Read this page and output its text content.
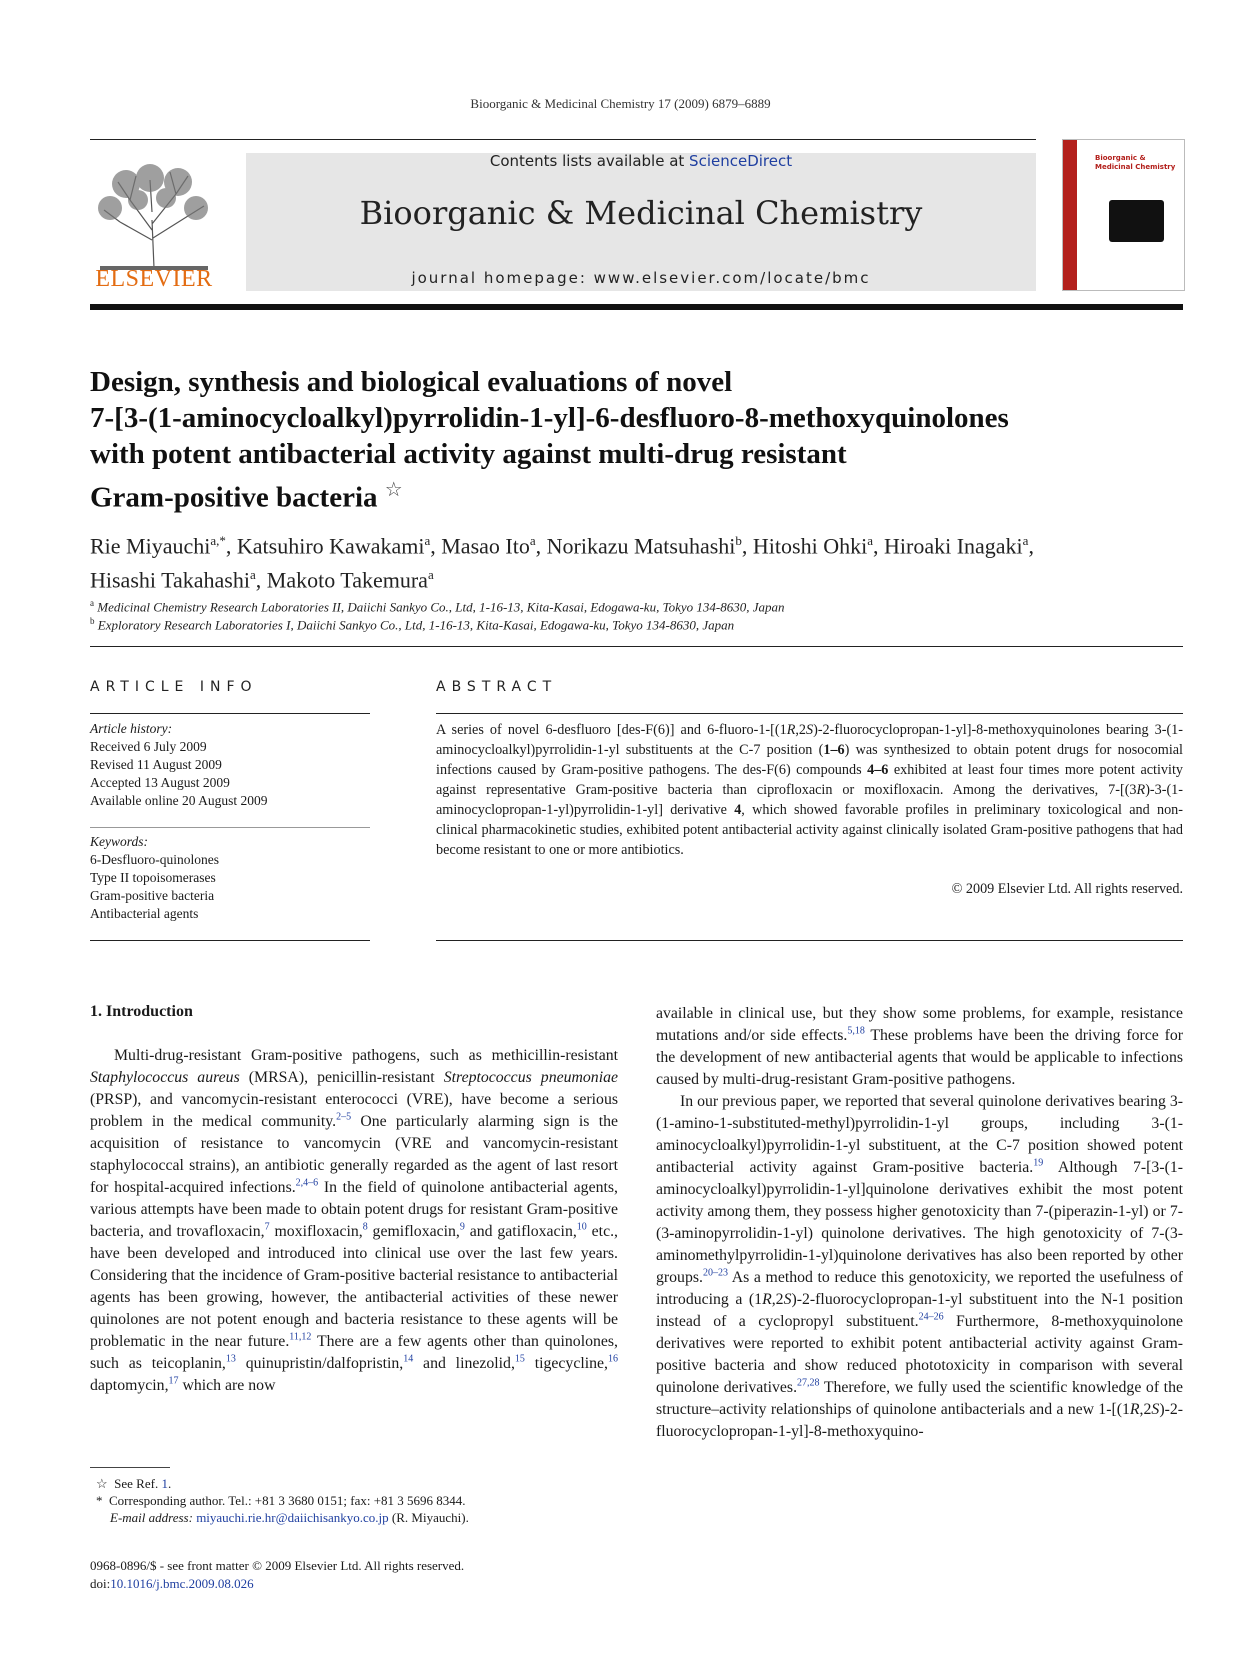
Bioorganic & Medicinal Chemistry 17 (2009) 6879–6889
ELSEVIER
Contents lists available at ScienceDirect
Bioorganic & Medicinal Chemistry
journal homepage: www.elsevier.com/locate/bmc
Bioorganic & Medicinal Chemistry
Design, synthesis and biological evaluations of novel
7-[3-(1-aminocycloalkyl)pyrrolidin-1-yl]-6-desfluoro-8-methoxyquinolones
with potent antibacterial activity against multi-drug resistant
Gram-positive bacteria ☆
Rie Miyauchi$^{a,*}$, Katsuhiro Kawakami$^a$, Masao Ito$^a$, Norikazu Matsuhashi$^b$, Hitoshi Ohki$^a$, Hiroaki Inagaki$^a$,
Hisashi Takahashi$^a$, Makoto Takemura$^a$
$^a$ Medicinal Chemistry Research Laboratories II, Daiichi Sankyo Co., Ltd, 1-16-13, Kita-Kasai, Edogawa-ku, Tokyo 134-8630, Japan
$^b$ Exploratory Research Laboratories I, Daiichi Sankyo Co., Ltd, 1-16-13, Kita-Kasai, Edogawa-ku, Tokyo 134-8630, Japan
ARTICLE INFO
Article history:
Received 6 July 2009
Revised 11 August 2009
Accepted 13 August 2009
Available online 20 August 2009
Keywords:
6-Desfluoro-quinolones
Type II topoisomerases
Gram-positive bacteria
Antibacterial agents
ABSTRACT
A series of novel 6-desfluoro [des-F(6)] and 6-fluoro-1-[(1R,2S)-2-fluorocyclopropan-1-yl]-8-methoxyquinolones bearing 3-(1-aminocycloalkyl)pyrrolidin-1-yl substituents at the C-7 position (1–6) was synthesized to obtain potent drugs for nosocomial infections caused by Gram-positive pathogens. The des-F(6) compounds 4–6 exhibited at least four times more potent activity against representative Gram-positive bacteria than ciprofloxacin or moxifloxacin. Among the derivatives, 7-[(3R)-3-(1-aminocyclopropan-1-yl)pyrrolidin-1-yl] derivative 4, which showed favorable profiles in preliminary toxicological and non-clinical pharmacokinetic studies, exhibited potent antibacterial activity against clinically isolated Gram-positive pathogens that had become resistant to one or more antibiotics.
© 2009 Elsevier Ltd. All rights reserved.
1. Introduction

Multi-drug-resistant Gram-positive pathogens, such as methicillin-resistant Staphylococcus aureus (MRSA), penicillin-resistant Streptococcus pneumoniae (PRSP), and vancomycin-resistant enterococci (VRE), have become a serious problem in the medical community.$^{2-5}$ One particularly alarming sign is the acquisition of resistance to vancomycin (VRE and vancomycin-resistant staphylococcal strains), an antibiotic generally regarded as the agent of last resort for hospital-acquired infections.$^{2,4-6}$ In the field of quinolone antibacterial agents, various attempts have been made to obtain potent drugs for resistant Gram-positive bacteria, and trovafloxacin,$^7$ moxifloxacin,$^8$ gemifloxacin,$^9$ and gatifloxacin,$^{10}$ etc., have been developed and introduced into clinical use over the last few years. Considering that the incidence of Gram-positive bacterial resistance to antibacterial agents has been growing, however, the antibacterial activities of these newer quinolones are not potent enough and bacteria resistance to these agents will be problematic in the near future.$^{11,12}$ There are a few agents other than quinolones, such as teicoplanin,$^{13}$ quinupristin/dalfopristin,$^{14}$ and linezolid,$^{15}$ tigecycline,$^{16}$ daptomycin,$^{17}$ which are now

available in clinical use, but they show some problems, for example, resistance mutations and/or side effects.$^{5,18}$ These problems have been the driving force for the development of new antibacterial agents that would be applicable to infections caused by multi-drug-resistant Gram-positive pathogens.

In our previous paper, we reported that several quinolone derivatives bearing 3-(1-amino-1-substituted-methyl)pyrrolidin-1-yl groups, including 3-(1-aminocycloalkyl)pyrrolidin-1-yl substituent, at the C-7 position showed potent antibacterial activity against Gram-positive bacteria.$^{19}$ Although 7-[3-(1-aminocycloalkyl)pyrrolidin-1-yl]quinolone derivatives exhibit the most potent activity among them, they possess higher genotoxicity than 7-(piperazin-1-yl) or 7-(3-aminopyrrolidin-1-yl) quinolone derivatives. The high genotoxicity of 7-(3-aminomethylpyrrolidin-1-yl)quinolone derivatives has also been reported by other groups.$^{20-23}$ As a method to reduce this genotoxicity, we reported the usefulness of introducing a (1R,2S)-2-fluorocyclopropan-1-yl substituent into the N-1 position instead of a cyclopropyl substituent.$^{24-26}$ Furthermore, 8-methoxyquinolone derivatives were reported to exhibit potent antibacterial activity against Gram-positive bacteria and show reduced phototoxicity in comparison with several quinolone derivatives.$^{27,28}$ Therefore, we fully used the scientific knowledge of the structure–activity relationships of quinolone antibacterials and a new 1-[(1R,2S)-2-fluorocyclopropan-1-yl]-8-methoxyquino-

☆ See Ref. 1.
* Corresponding author. Tel.: +81 3 3680 0151; fax: +81 3 5696 8344.
E-mail address: miyauchi.rie.hr@daiichisankyo.co.jp (R. Miyauchi).
0968-0896/$ - see front matter © 2009 Elsevier Ltd. All rights reserved.
doi:10.1016/j.bmc.2009.08.026
